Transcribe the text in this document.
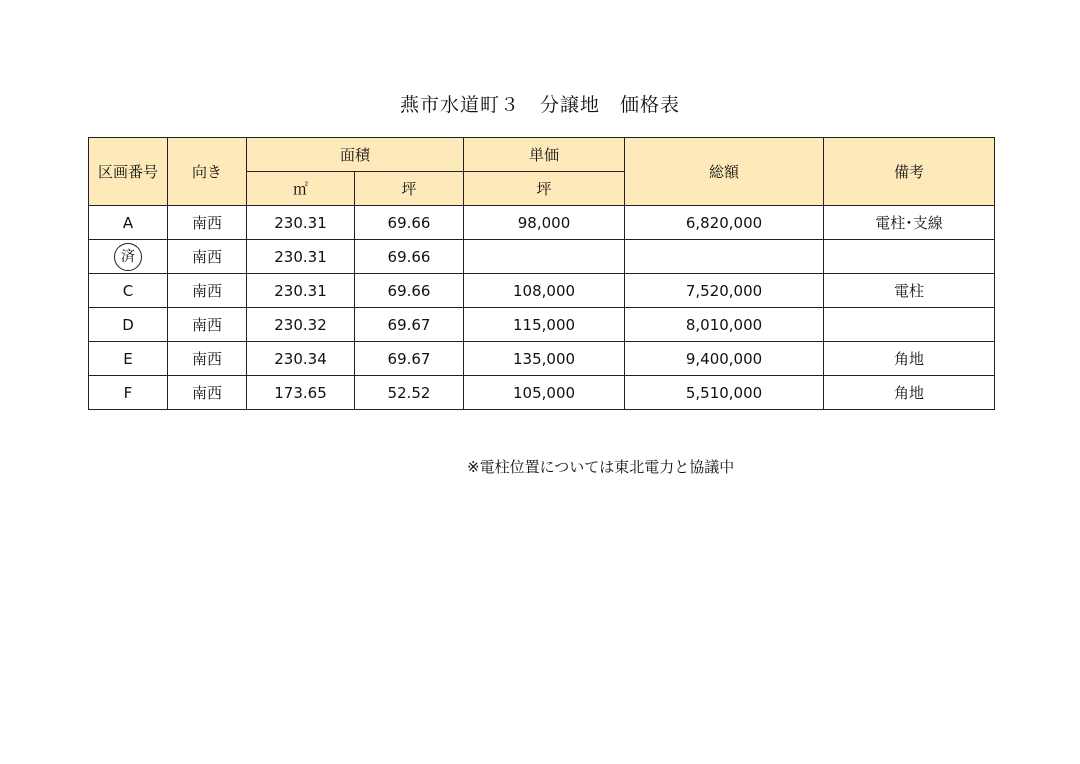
燕市水道町３　分譲地　価格表
区画番号	向き	面積		単価	総額	備考
		㎡	坪	坪		
A	南西	230.31	69.66	98,000	6,820,000	電柱･支線
済	南西	230.31	69.66			
C	南西	230.31	69.66	108,000	7,520,000	電柱
D	南西	230.32	69.67	115,000	8,010,000	
E	南西	230.34	69.67	135,000	9,400,000	角地
F	南西	173.65	52.52	105,000	5,510,000	角地
※電柱位置については東北電力と協議中
